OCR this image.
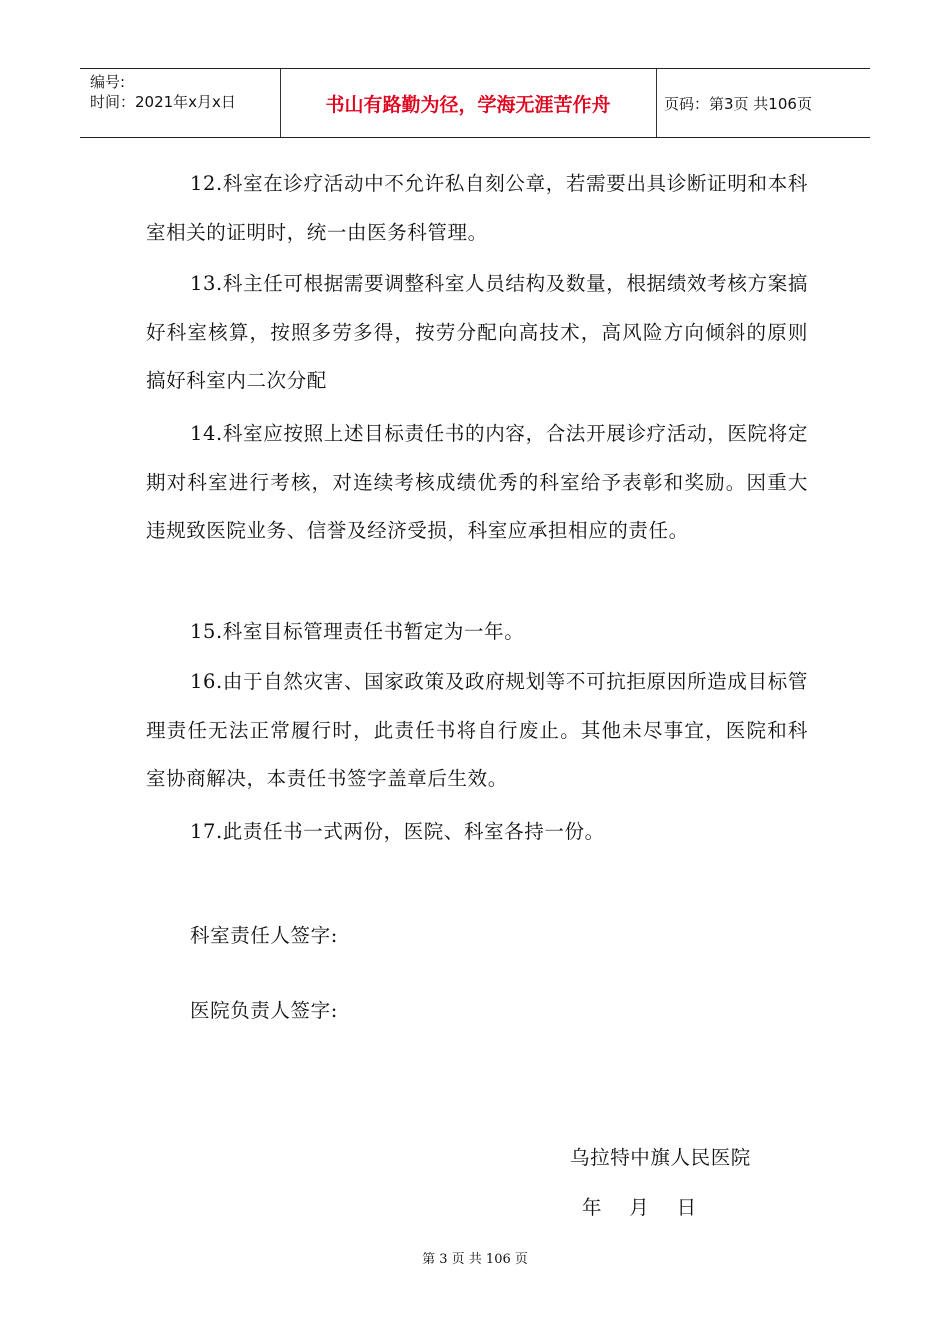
编号:
时间：2021年x月x日	书山有路勤为径，学海无涯苦作舟	页码：第3页 共106页

12.科室在诊疗活动中不允许私自刻公章，若需要出具诊断证明和本科室相关的证明时，统一由医务科管理。

13.科主任可根据需要调整科室人员结构及数量，根据绩效考核方案搞好科室核算，按照多劳多得，按劳分配向高技术，高风险方向倾斜的原则搞好科室内二次分配

14.科室应按照上述目标责任书的内容，合法开展诊疗活动，医院将定期对科室进行考核，对连续考核成绩优秀的科室给予表彰和奖励。因重大违规致医院业务、信誉及经济受损，科室应承担相应的责任。

15.科室目标管理责任书暂定为一年。

16.由于自然灾害、国家政策及政府规划等不可抗拒原因所造成目标管理责任无法正常履行时，此责任书将自行废止。其他未尽事宜，医院和科室协商解决，本责任书签字盖章后生效。

17.此责任书一式两份，医院、科室各持一份。

科室责任人签字:
医院负责人签字:
乌拉特中旗人民医院
年    月    日
第 3 页 共 106 页
